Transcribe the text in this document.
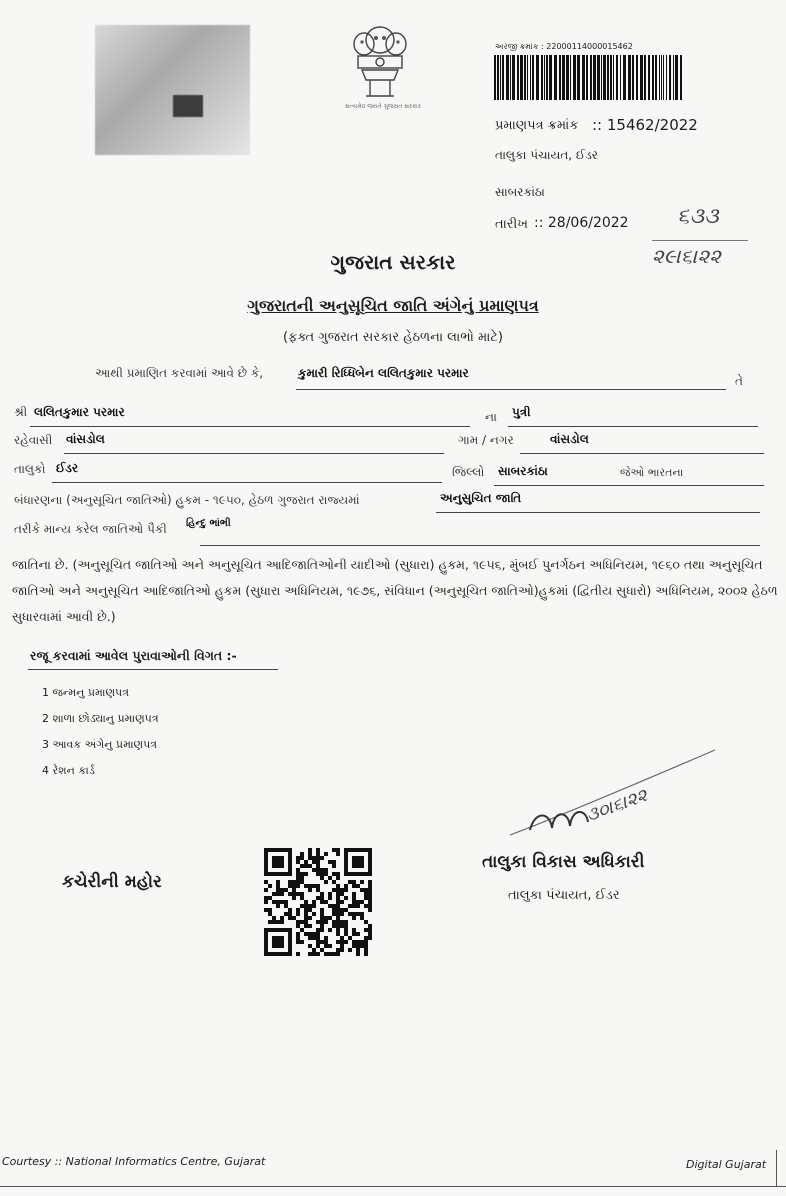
સત્યમેવ જયતે ગુજરાત સરકાર
અરજી ક્રમાંક : 22000114000015462
પ્રમાણપત્ર ક્રમાંક :: 15462/2022
તાલુકા પંચાયત, ઈડર
સાબરકાંઠા
તારીખ :: 28/06/2022 ૬૩૩
૨૯।૬।૨૨
ગુજરાત સરકાર
ગુજરાતની અનુસૂચિત જાતિ અંગેનું પ્રમાણપત્ર
(ફક્ત ગુજરાત સરકાર હેઠળના લાભો માટે)
આથી પ્રમાણિત કરવામાં આવે છે કે,	કુમારી રિધ્ધિબેન લલિતકુમાર પરમાર
તે
શ્રી લલિતકુમાર પરમાર	ના પુત્રી
રહેવાસી વાંસડોલ	ગામ / નગર	વાંસડોલ
તાલુકો ઈડર	જિલ્લો સાબરકાંઠા	જેઓ ભારતના
બંધારણના (અનુસૂચિત જાતિઓ) હુકમ - ૧૯૫૦, હેઠળ ગુજરાત રાજ્યમાં	અનુસુચિત જાતિ
તરીકે માન્ય કરેલ જાતિઓ પૈકી હિન્દુ ભાંભી
જાતિના છે. (અનુસૂચિત જાતિઓ અને અનુસૂચિત આદિજાતિઓની યાદીઓ (સુધારા) હુકમ, ૧૯૫૬, મુંબઈ પુનર્ગઠન અધિનિયમ, ૧૯૬૦ તથા અનુસૂચિત જાતિઓ અને અનુસૂચિત આદિજાતિઓ હુકમ (સુધારા અધિનિયમ, ૧૯૭૬, સંવિધાન (અનુસૂચિત જાતિઓ)હુકમાં (દ્વિતીય સુધારો) અધિનિયમ, ૨૦૦૨ હેઠળ સુધારવામાં આવી છે.)
રજૂ કરવામાં આવેલ પુરાવાઓની વિગત :-
1 જન્મનુ પ્રમાણપત્ર
2 શાળા છોડ્યાનુ પ્રમાણપત્ર
3 આવક અંગેનુ પ્રમાણપત્ર
4 રેશન કાર્ડ
૩૦।૬।૨૨
કચેરીની મહોર
તાલુકા વિકાસ અધિકારી
તાલુકા પંચાયત, ઈડર
Courtesy :: National Informatics Centre, Gujarat	Digital Gujarat
